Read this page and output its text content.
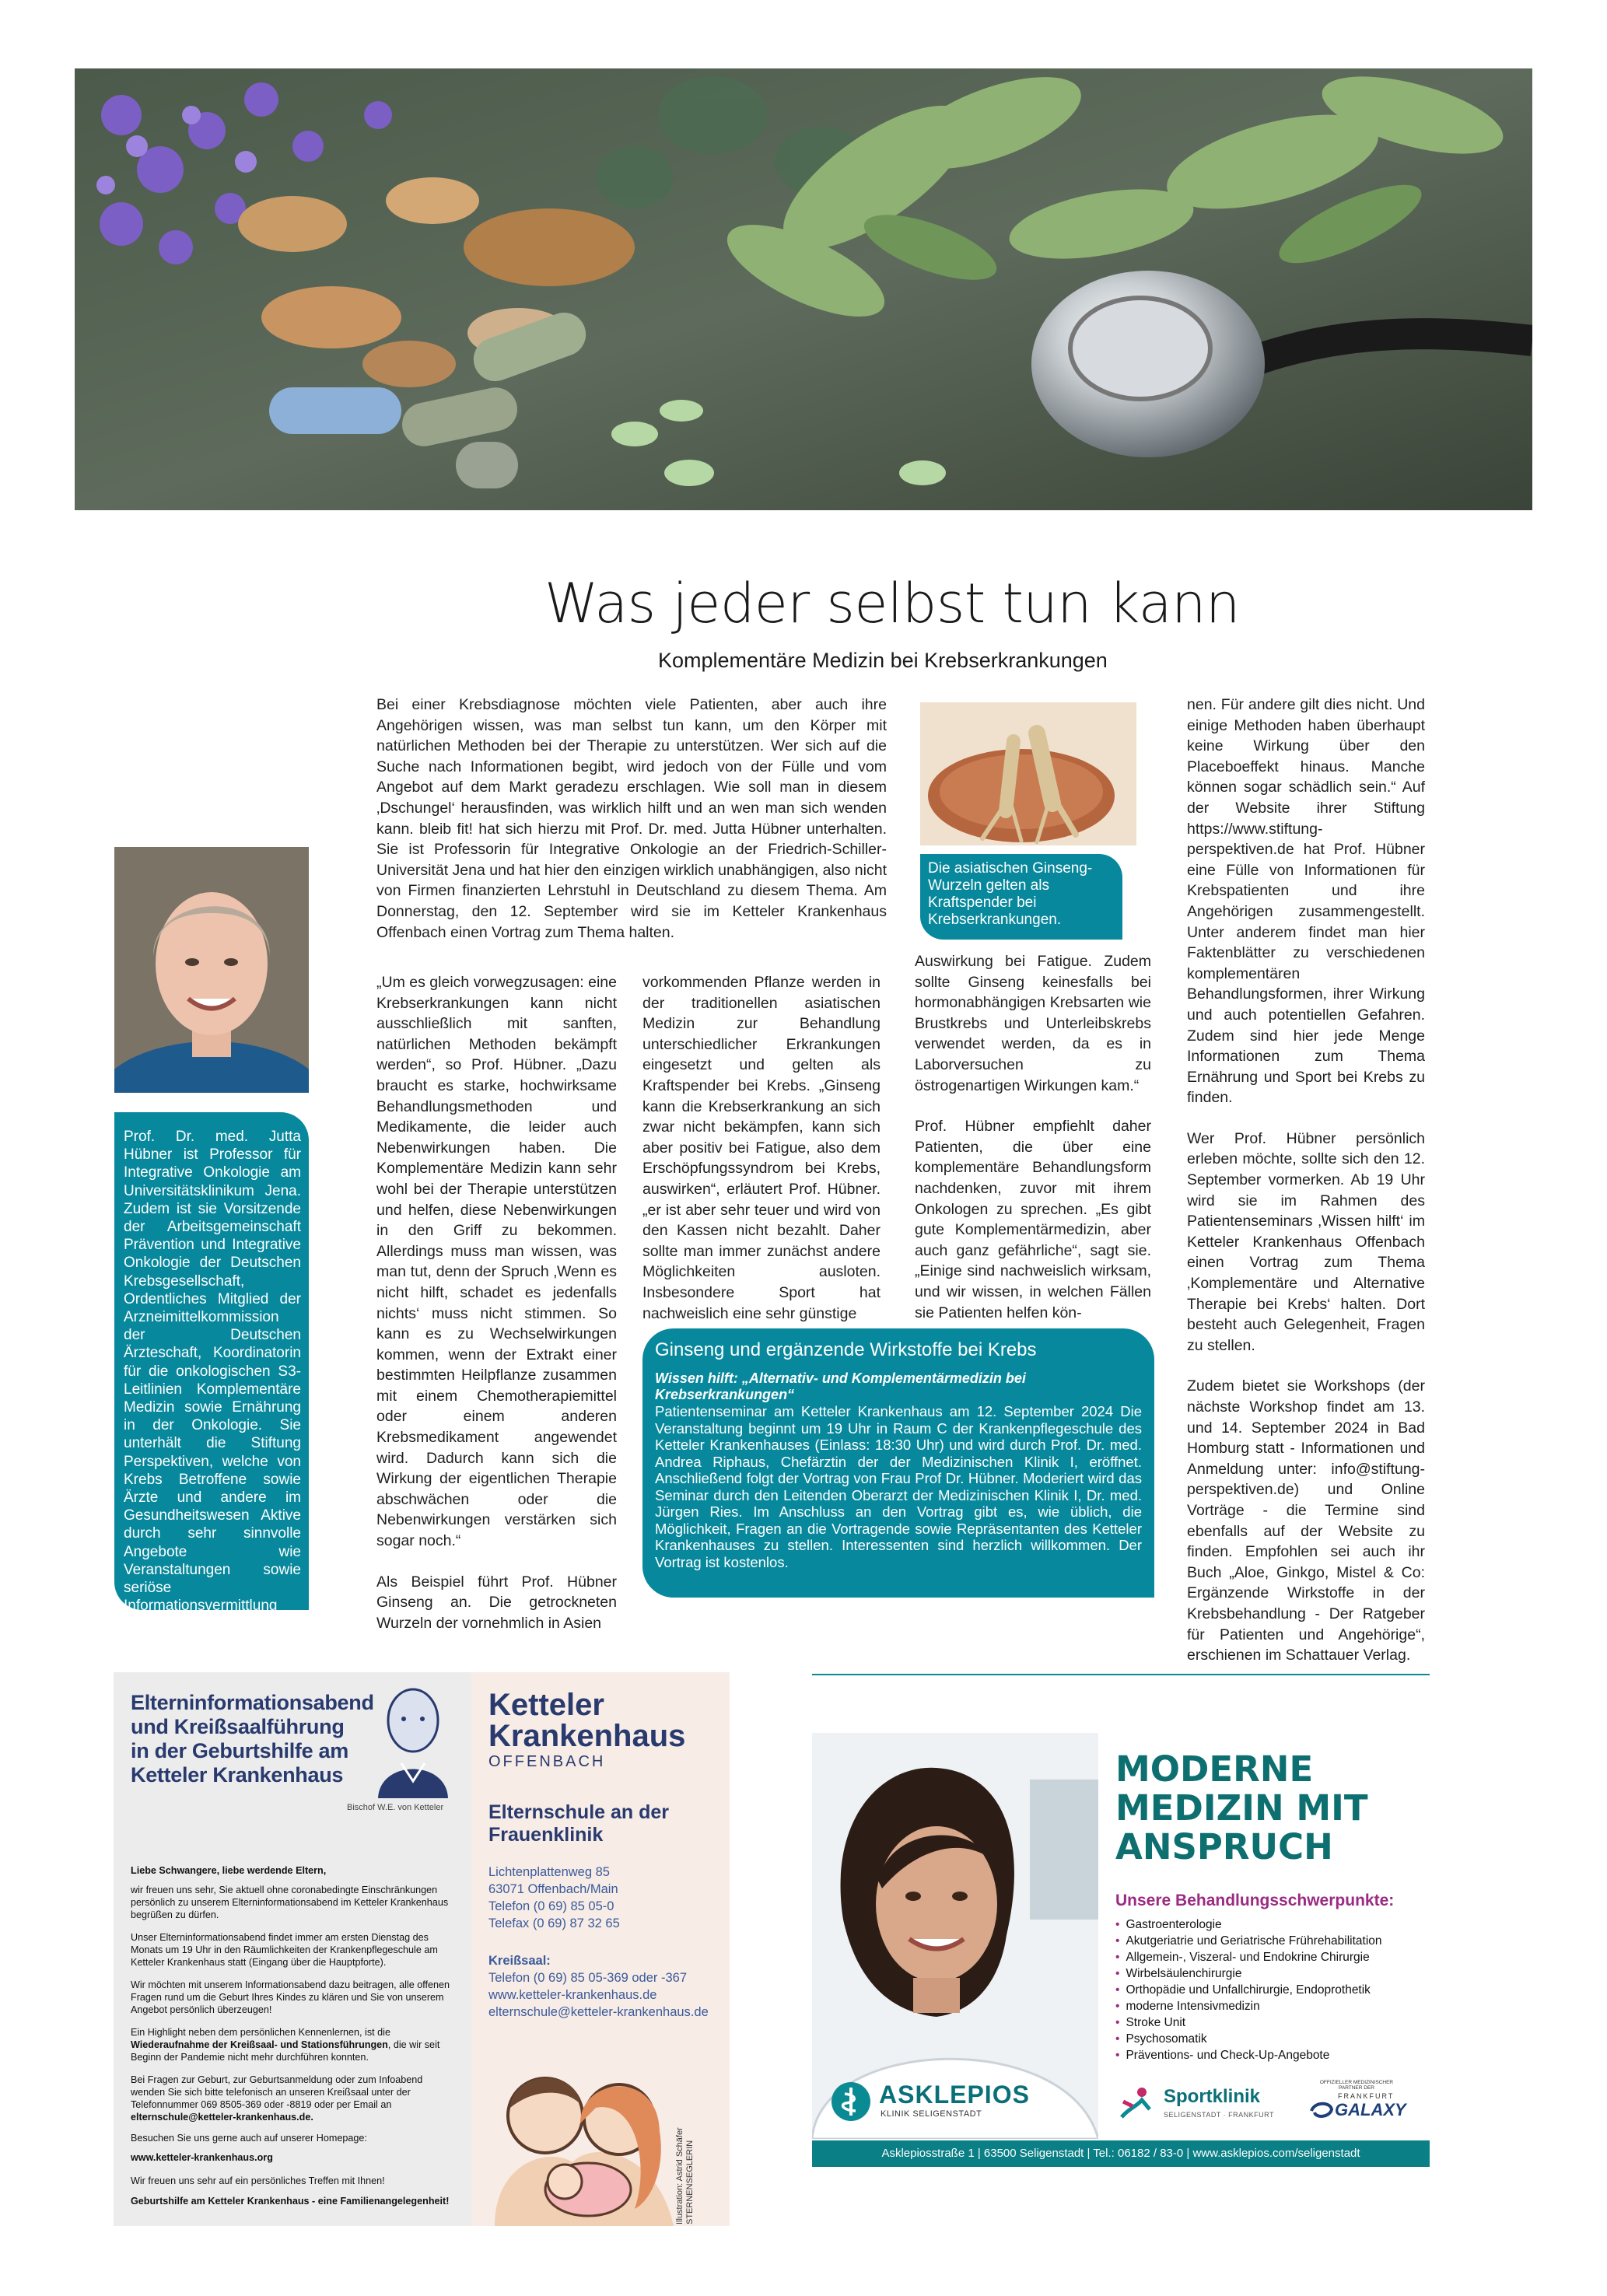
Was jeder selbst tun kann
Komplementäre Medizin bei Krebserkrankungen
Prof. Dr. med. Jutta Hübner ist Professor für Integrative Onkologie am Universitätsklinikum Jena. Zudem ist sie Vorsitzende der Arbeitsgemeinschaft Prävention und Integrative Onkologie der Deutschen Krebsgesellschaft, Ordentliches Mitglied der Arzneimittelkommission der Deutschen Ärzteschaft, Koordinatorin für die onkologischen S3-Leitlinien Komplementäre Medizin sowie Ernährung in der Onkologie. Sie unterhält die Stiftung Perspektiven, welche von Krebs Betroffene sowie Ärzte und andere im Gesundheitswesen Aktive durch sehr sinnvolle Angebote wie Veranstaltungen sowie seriöse Informationsvermittlung unterstützt.

Bei einer Krebsdiagnose möchten viele Patienten, aber auch ihre Angehörigen wissen, was man selbst tun kann, um den Körper mit natürlichen Methoden bei der Therapie zu unterstützen. Wer sich auf die Suche nach Informationen begibt, wird jedoch von der Fülle und vom Angebot auf dem Markt geradezu erschlagen. Wie soll man in diesem ‚Dschungel‘ herausfinden, was wirklich hilft und an wen man sich wenden kann. bleib fit! hat sich hierzu mit Prof. Dr. med. Jutta Hübner unterhalten. Sie ist Professorin für Integrative Onkologie an der Friedrich-Schiller-Universität Jena und hat hier den einzigen wirklich unabhängigen, also nicht von Firmen finanzierten Lehrstuhl in Deutschland zu diesem Thema. Am Donnerstag, den 12. September wird sie im Ketteler Krankenhaus Offenbach einen Vortrag zum Thema halten.

Die asiatischen Ginseng-Wurzeln gelten als Kraftspender bei Krebserkrankungen.

„Um es gleich vorwegzusagen: eine Krebserkrankungen kann nicht ausschließlich mit sanften, natürlichen Methoden bekämpft werden“, so Prof. Hübner. „Dazu braucht es starke, hochwirksame Behandlungsmethoden und Medikamente, die leider auch Nebenwirkungen haben. Die Komplementäre Medizin kann sehr wohl bei der Therapie unterstützen und helfen, diese Nebenwirkungen in den Griff zu bekommen. Allerdings muss man wissen, was man tut, denn der Spruch ‚Wenn es nicht hilft, schadet es jedenfalls nichts‘ muss nicht stimmen. So kann es zu Wechselwirkungen kommen, wenn der Extrakt einer bestimmten Heilpflanze zusammen mit einem Chemotherapiemittel oder einem anderen Krebsmedikament angewendet wird. Dadurch kann sich die Wirkung der eigentlichen Therapie abschwächen oder die Nebenwirkungen verstärken sich sogar noch.“

Als Beispiel führt Prof. Hübner Ginseng an. Die getrockneten Wurzeln der vornehmlich in Asien

vorkommenden Pflanze werden in der traditionellen asiatischen Medizin zur Behandlung unterschiedlicher Erkrankungen eingesetzt und gelten als Kraftspender bei Krebs. „Ginseng kann die Krebserkrankung an sich zwar nicht bekämpfen, kann sich aber positiv bei Fatigue, also dem Erschöpfungssyndrom bei Krebs, auswirken“, erläutert Prof. Hübner. „er ist aber sehr teuer und wird von den Kassen nicht bezahlt. Daher sollte man immer zunächst andere Möglichkeiten ausloten. Insbesondere Sport hat nachweislich eine sehr günstige

Auswirkung bei Fatigue. Zudem sollte Ginseng keinesfalls bei hormonabhängigen Krebsarten wie Brustkrebs und Unterleibskrebs verwendet werden, da es in Laborversuchen zu östrogenartigen Wirkungen kam.“

Prof. Hübner empfiehlt daher Patienten, die über eine komplementäre Behandlungsform nachdenken, zuvor mit ihrem Onkologen zu sprechen. „Es gibt gute Komplementärmedizin, aber auch ganz gefährliche“, sagt sie. „Einige sind nachweislich wirksam, und wir wissen, in welchen Fällen sie Patienten helfen kön-

nen. Für andere gilt dies nicht. Und einige Methoden haben überhaupt keine Wirkung über den Placeboeffekt hinaus. Manche können sogar schädlich sein.“ Auf der Website ihrer Stiftung https://www.stiftung-perspektiven.de hat Prof. Hübner eine Fülle von Informationen für Krebspatienten und ihre Angehörigen zusammengestellt. Unter anderem findet man hier Faktenblätter zu verschiedenen komplementären Behandlungsformen, ihrer Wirkung und auch potentiellen Gefahren. Zudem sind hier jede Menge Informationen zum Thema Ernährung und Sport bei Krebs zu finden.

Wer Prof. Hübner persönlich erleben möchte, sollte sich den 12. September vormerken. Ab 19 Uhr wird sie im Rahmen des Patientenseminars ‚Wissen hilft‘ im Ketteler Krankenhaus Offenbach einen Vortrag zum Thema ‚Komplementäre und Alternative Therapie bei Krebs‘ halten. Dort besteht auch Gelegenheit, Fragen zu stellen.

Zudem bietet sie Workshops (der nächste Workshop findet am 13. und 14. September 2024 in Bad Homburg statt - Informationen und Anmeldung unter: info@stiftung-perspektiven.de) und Online Vorträge - die Termine sind ebenfalls auf der Website zu finden. Empfohlen sei auch ihr Buch „Aloe, Ginkgo, Mistel & Co: Ergänzende Wirkstoffe in der Krebsbehandlung - Der Ratgeber für Patienten und Angehörige“, erschienen im Schattauer Verlag.

Ginseng und ergänzende Wirkstoffe bei Krebs
Wissen hilft: „Alternativ- und Komplementärmedizin bei Krebserkrankungen“
Patientenseminar am Ketteler Krankenhaus am 12. September 2024 Die Veranstaltung beginnt um 19 Uhr in Raum C der Krankenpflegeschule des Ketteler Krankenhauses (Einlass: 18:30 Uhr) und wird durch Prof. Dr. med. Andrea Riphaus, Chefärztin der der Medizinischen Klinik I, eröffnet. Anschließend folgt der Vortrag von Frau Prof Dr. Hübner. Moderiert wird das Seminar durch den Leitenden Oberarzt der Medizinischen Klinik I, Dr. med. Jürgen Ries. Im Anschluss an den Vortrag gibt es, wie üblich, die Möglichkeit, Fragen an die Vortragende sowie Repräsentanten des Ketteler Krankenhauses zu stellen. Interessenten sind herzlich willkommen. Der Vortrag ist kostenlos.
Elterninformationsabend und Kreißsaalführung in der Geburtshilfe am Ketteler Krankenhaus
Bischof W.E. von Ketteler
Liebe Schwangere, liebe werdende Eltern,
wir freuen uns sehr, Sie aktuell ohne coronabedingte Einschränkungen persönlich zu unserem Elterninformationsabend im Ketteler Krankenhaus begrüßen zu dürfen.
Unser Elterninformationsabend findet immer am ersten Dienstag des Monats um 19 Uhr in den Räumlichkeiten der Krankenpflegeschule am Ketteler Krankenhaus statt (Eingang über die Hauptpforte).
Wir möchten mit unserem Informationsabend dazu beitragen, alle offenen Fragen rund um die Geburt Ihres Kindes zu klären und Sie von unserem Angebot persönlich überzeugen!
Ein Highlight neben dem persönlichen Kennenlernen, ist die Wiederaufnahme der Kreißsaal- und Stationsführungen, die wir seit Beginn der Pandemie nicht mehr durchführen konnten.
Bei Fragen zur Geburt, zur Geburtsanmeldung oder zum Infoabend wenden Sie sich bitte telefonisch an unseren Kreißsaal unter der Telefonnummer 069 8505-369 oder -8819 oder per Email an elternschule@ketteler-krankenhaus.de.
Besuchen Sie uns gerne auch auf unserer Homepage:
www.ketteler-krankenhaus.org
Wir freuen uns sehr auf ein persönliches Treffen mit Ihnen!
Geburtshilfe am Ketteler Krankenhaus - eine Familienangelegenheit!
Ketteler
Krankenhaus
OFFENBACH
Elternschule an der Frauenklinik
Lichtenplattenweg 85
63071 Offenbach/Main
Telefon (0 69) 85 05-0
Telefax (0 69) 87 32 65
Kreißsaal:
Telefon (0 69) 85 05-369 oder -367
www.ketteler-krankenhaus.de
elternschule@ketteler-krankenhaus.de
Illustration: Astrid Schäfer STERNENSEGLERIN
MODERNE
MEDIZIN MIT
ANSPRUCH
Unsere Behandlungsschwerpunkte:
• Gastroenterologie
• Akutgeriatrie und Geriatrische Frührehabilitation
• Allgemein-, Viszeral- und Endokrine Chirurgie
• Wirbelsäulenchirurgie
• Orthopädie und Unfallchirurgie, Endoprothetik
• moderne Intensivmedizin
• Stroke Unit
• Psychosomatik
• Präventions- und Check-Up-Angebote
ASKLEPIOS
KLINIK SELIGENSTADT
Sportklinik
SELIGENSTADT · FRANKFURT
OFFIZIELLER MEDIZINISCHER PARTNER DER
FRANKFURT
GALAXY
Asklepiosstraße 1 | 63500 Seligenstadt | Tel.: 06182 / 83-0 | www.asklepios.com/seligenstadt
